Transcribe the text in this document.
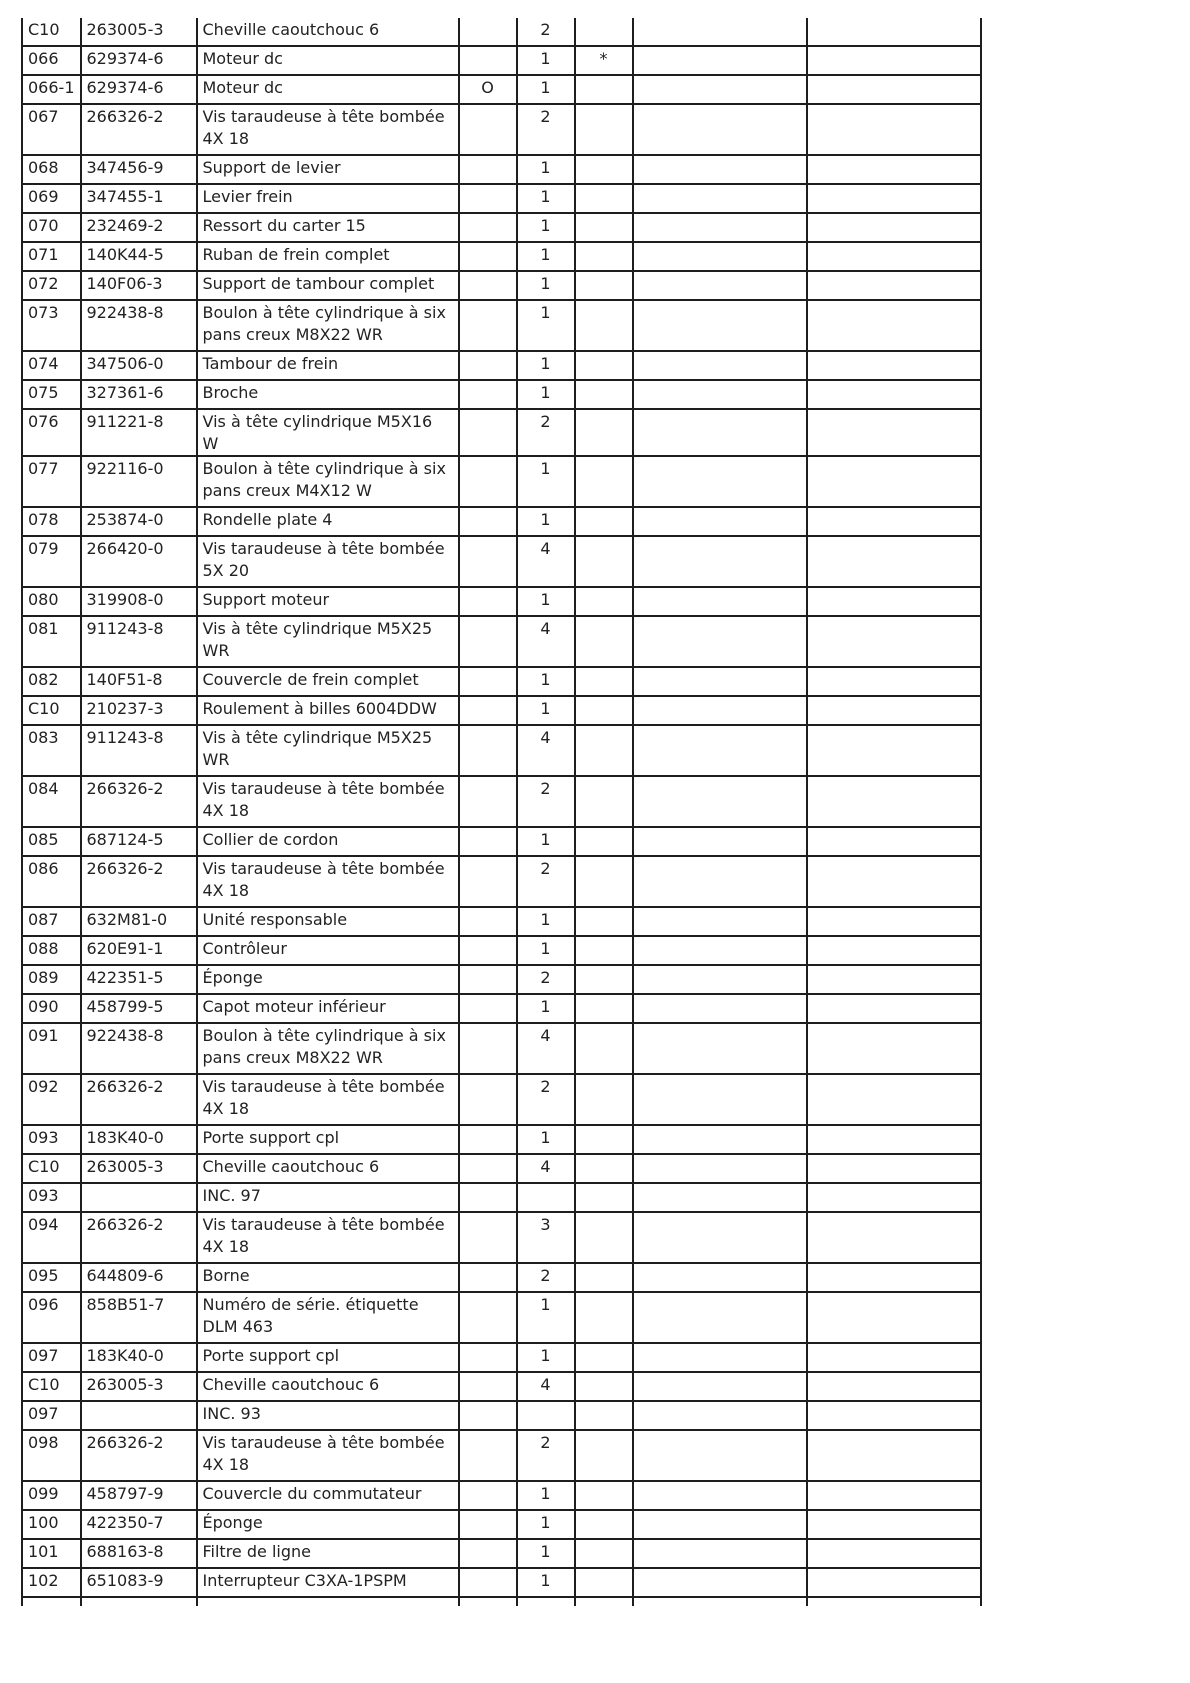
C10	263005-3	Cheville caoutchouc 6		2			
066	629374-6	Moteur dc		1	*		
066-1	629374-6	Moteur dc	O	1			
067	266326-2	Vis taraudeuse à tête bombée 4X 18		2			
068	347456-9	Support de levier		1			
069	347455-1	Levier frein		1			
070	232469-2	Ressort du carter 15		1			
071	140K44-5	Ruban de frein complet		1			
072	140F06-3	Support de tambour complet		1			
073	922438-8	Boulon à tête cylindrique à six pans creux M8X22 WR		1			
074	347506-0	Tambour de frein		1			
075	327361-6	Broche		1			
076	911221-8	Vis à tête cylindrique M5X16 W		2			
077	922116-0	Boulon à tête cylindrique à six pans creux M4X12 W		1			
078	253874-0	Rondelle plate 4		1			
079	266420-0	Vis taraudeuse à tête bombée 5X 20		4			
080	319908-0	Support moteur		1			
081	911243-8	Vis à tête cylindrique M5X25 WR		4			
082	140F51-8	Couvercle de frein complet		1			
C10	210237-3	Roulement à billes 6004DDW		1			
083	911243-8	Vis à tête cylindrique M5X25 WR		4			
084	266326-2	Vis taraudeuse à tête bombée 4X 18		2			
085	687124-5	Collier de cordon		1			
086	266326-2	Vis taraudeuse à tête bombée 4X 18		2			
087	632M81-0	Unité responsable		1			
088	620E91-1	Contrôleur		1			
089	422351-5	Éponge		2			
090	458799-5	Capot moteur inférieur		1			
091	922438-8	Boulon à tête cylindrique à six pans creux M8X22 WR		4			
092	266326-2	Vis taraudeuse à tête bombée 4X 18		2			
093	183K40-0	Porte support cpl		1			
C10	263005-3	Cheville caoutchouc 6		4			
093		INC. 97					
094	266326-2	Vis taraudeuse à tête bombée 4X 18		3			
095	644809-6	Borne		2			
096	858B51-7	Numéro de série. étiquette DLM 463		1			
097	183K40-0	Porte support cpl		1			
C10	263005-3	Cheville caoutchouc 6		4			
097		INC. 93					
098	266326-2	Vis taraudeuse à tête bombée 4X 18		2			
099	458797-9	Couvercle du commutateur		1			
100	422350-7	Éponge		1			
101	688163-8	Filtre de ligne		1			
102	651083-9	Interrupteur C3XA-1PSPM		1			
